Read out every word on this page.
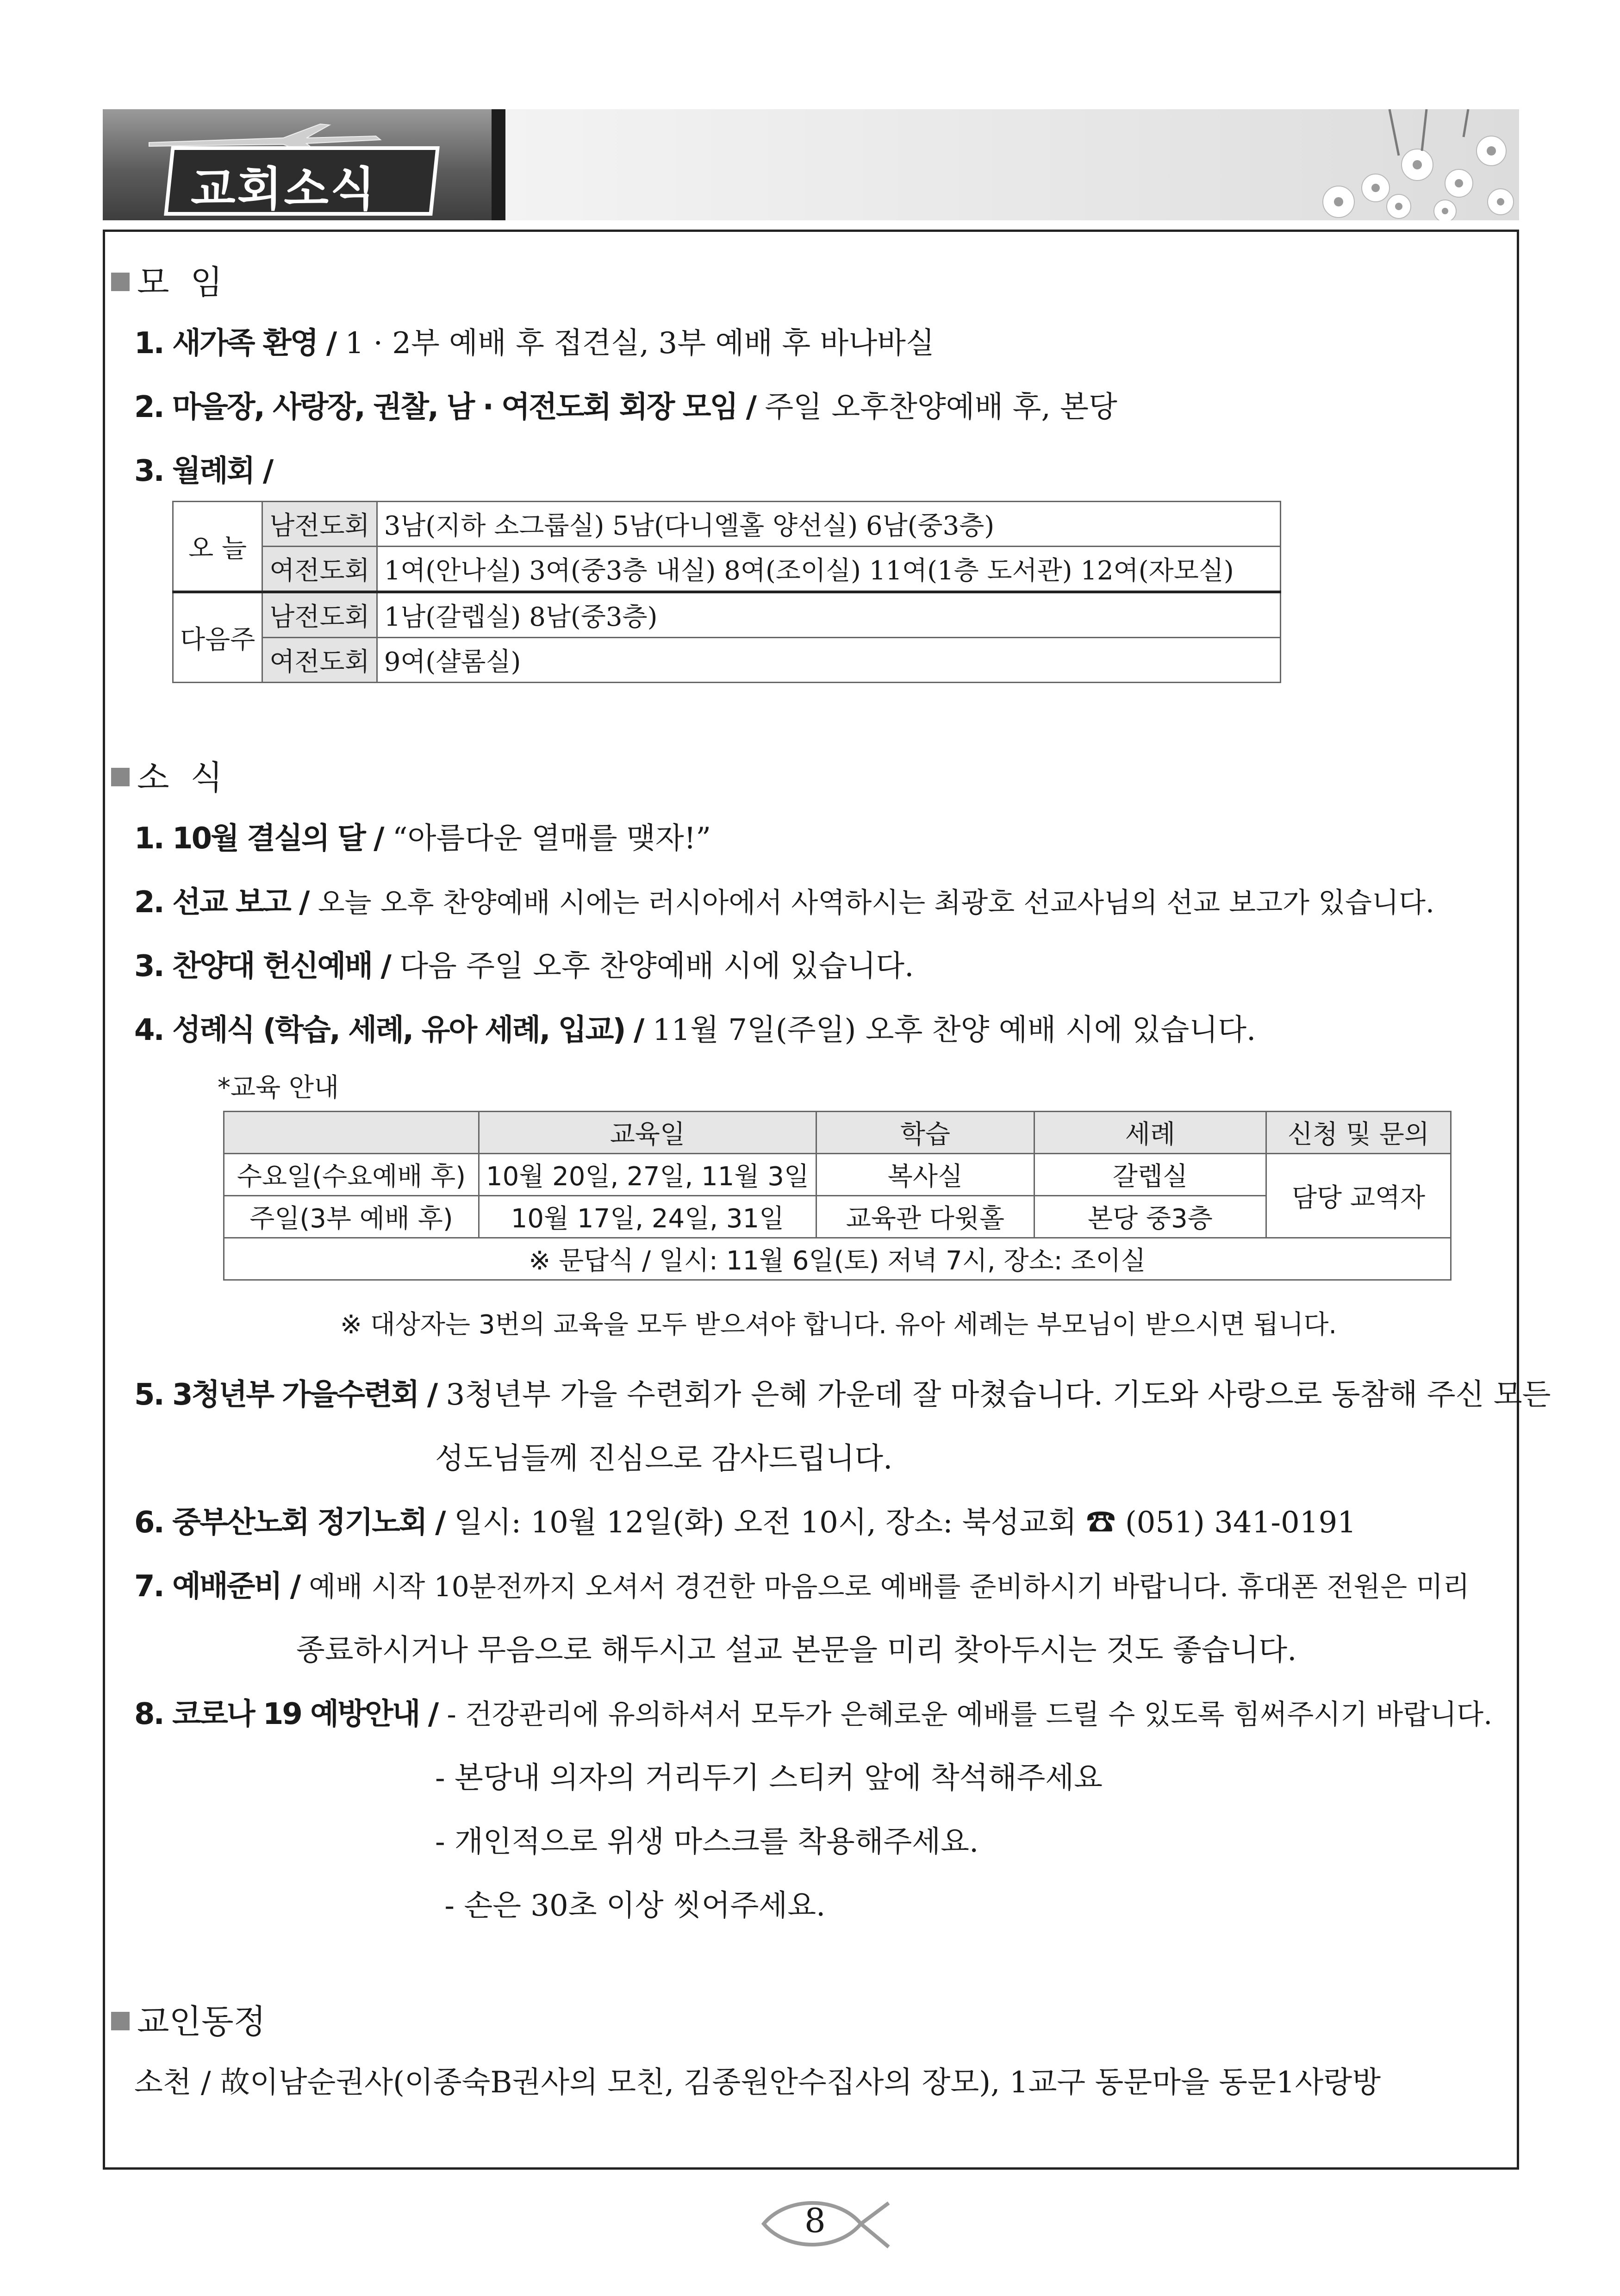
교회소식
모  임
1. 새가족 환영 / 1 · 2부 예배 후 접견실, 3부 예배 후 바나바실
2. 마을장, 사랑장, 권찰, 남 · 여전도회 회장 모임 / 주일 오후찬양예배 후, 본당
3. 월례회 /
오 늘	남전도회	3남(지하 소그룹실) 5남(다니엘홀 양선실) 6남(중3층)
	여전도회	1여(안나실) 3여(중3층 내실) 8여(조이실) 11여(1층 도서관) 12여(자모실)
다음주	남전도회	1남(갈렙실) 8남(중3층)
	여전도회	9여(샬롬실)
소  식
1. 10월 결실의 달 / “아름다운 열매를 맺자!”
2. 선교 보고 / 오늘 오후 찬양예배 시에는 러시아에서 사역하시는 최광호 선교사님의 선교 보고가 있습니다.
3. 찬양대 헌신예배 / 다음 주일 오후 찬양예배 시에 있습니다.
4. 성례식 (학습, 세례, 유아 세례, 입교) / 11월 7일(주일) 오후 찬양 예배 시에 있습니다.
*교육 안내
	교육일	학습	세례	신청 및 문의
수요일(수요예배 후)	10월 20일, 27일, 11월 3일	복사실	갈렙실	담당 교역자
주일(3부 예배 후)	10월 17일, 24일, 31일	교육관 다윗홀	본당 중3층	
※ 문답식 / 일시: 11월 6일(토) 저녁 7시, 장소: 조이실				
※ 대상자는 3번의 교육을 모두 받으셔야 합니다. 유아 세례는 부모님이 받으시면 됩니다.
5. 3청년부 가을수련회 / 3청년부 가을 수련회가 은혜 가운데 잘 마쳤습니다. 기도와 사랑으로 동참해 주신 모든
성도님들께 진심으로 감사드립니다.
6. 중부산노회 정기노회 / 일시: 10월 12일(화) 오전 10시, 장소: 북성교회 ☎ (051) 341-0191
7. 예배준비 / 예배 시작 10분전까지 오셔서 경건한 마음으로 예배를 준비하시기 바랍니다. 휴대폰 전원은 미리
종료하시거나 무음으로 해두시고 설교 본문을 미리 찾아두시는 것도 좋습니다.
8. 코로나 19 예방안내 / - 건강관리에 유의하셔서 모두가 은혜로운 예배를 드릴 수 있도록 힘써주시기 바랍니다.
- 본당내 의자의 거리두기 스티커 앞에 착석해주세요
- 개인적으로 위생 마스크를 착용해주세요.
- 손은 30초 이상 씻어주세요.
교인동정
소천 / 故이남순권사(이종숙B권사의 모친, 김종원안수집사의 장모), 1교구 동문마을 동문1사랑방
8
